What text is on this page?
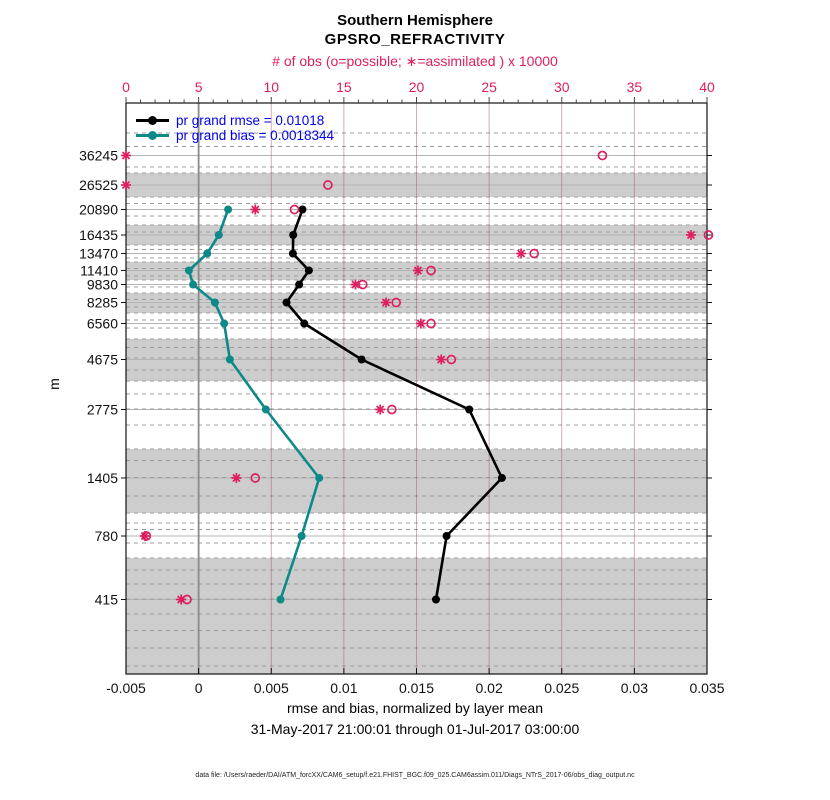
Southern Hemisphere
GPSRO_REFRACTIVITY
# of obs (o=possible; ∗=assimilated ) x 10000
0	5	10	15	20	25	30	35	40
-0.005	0	0.005	0.01	0.015	0.02	0.025	0.03	0.035
36245
26525
20890
16435
13470
11410
9830
8285
6560
4675
2775
1405
780
415
pr grand rmse = 0.01018
pr grand bias = 0.0018344
m
rmse and bias, normalized by layer mean
31-May-2017 21:00:01 through 01-Jul-2017 03:00:00
data file: /Users/raeder/DAI/ATM_forcXX/CAM6_setup/f.e21.FHIST_BGC.f09_025.CAM6assim.011/Diags_NTrS_2017-06/obs_diag_output.nc
